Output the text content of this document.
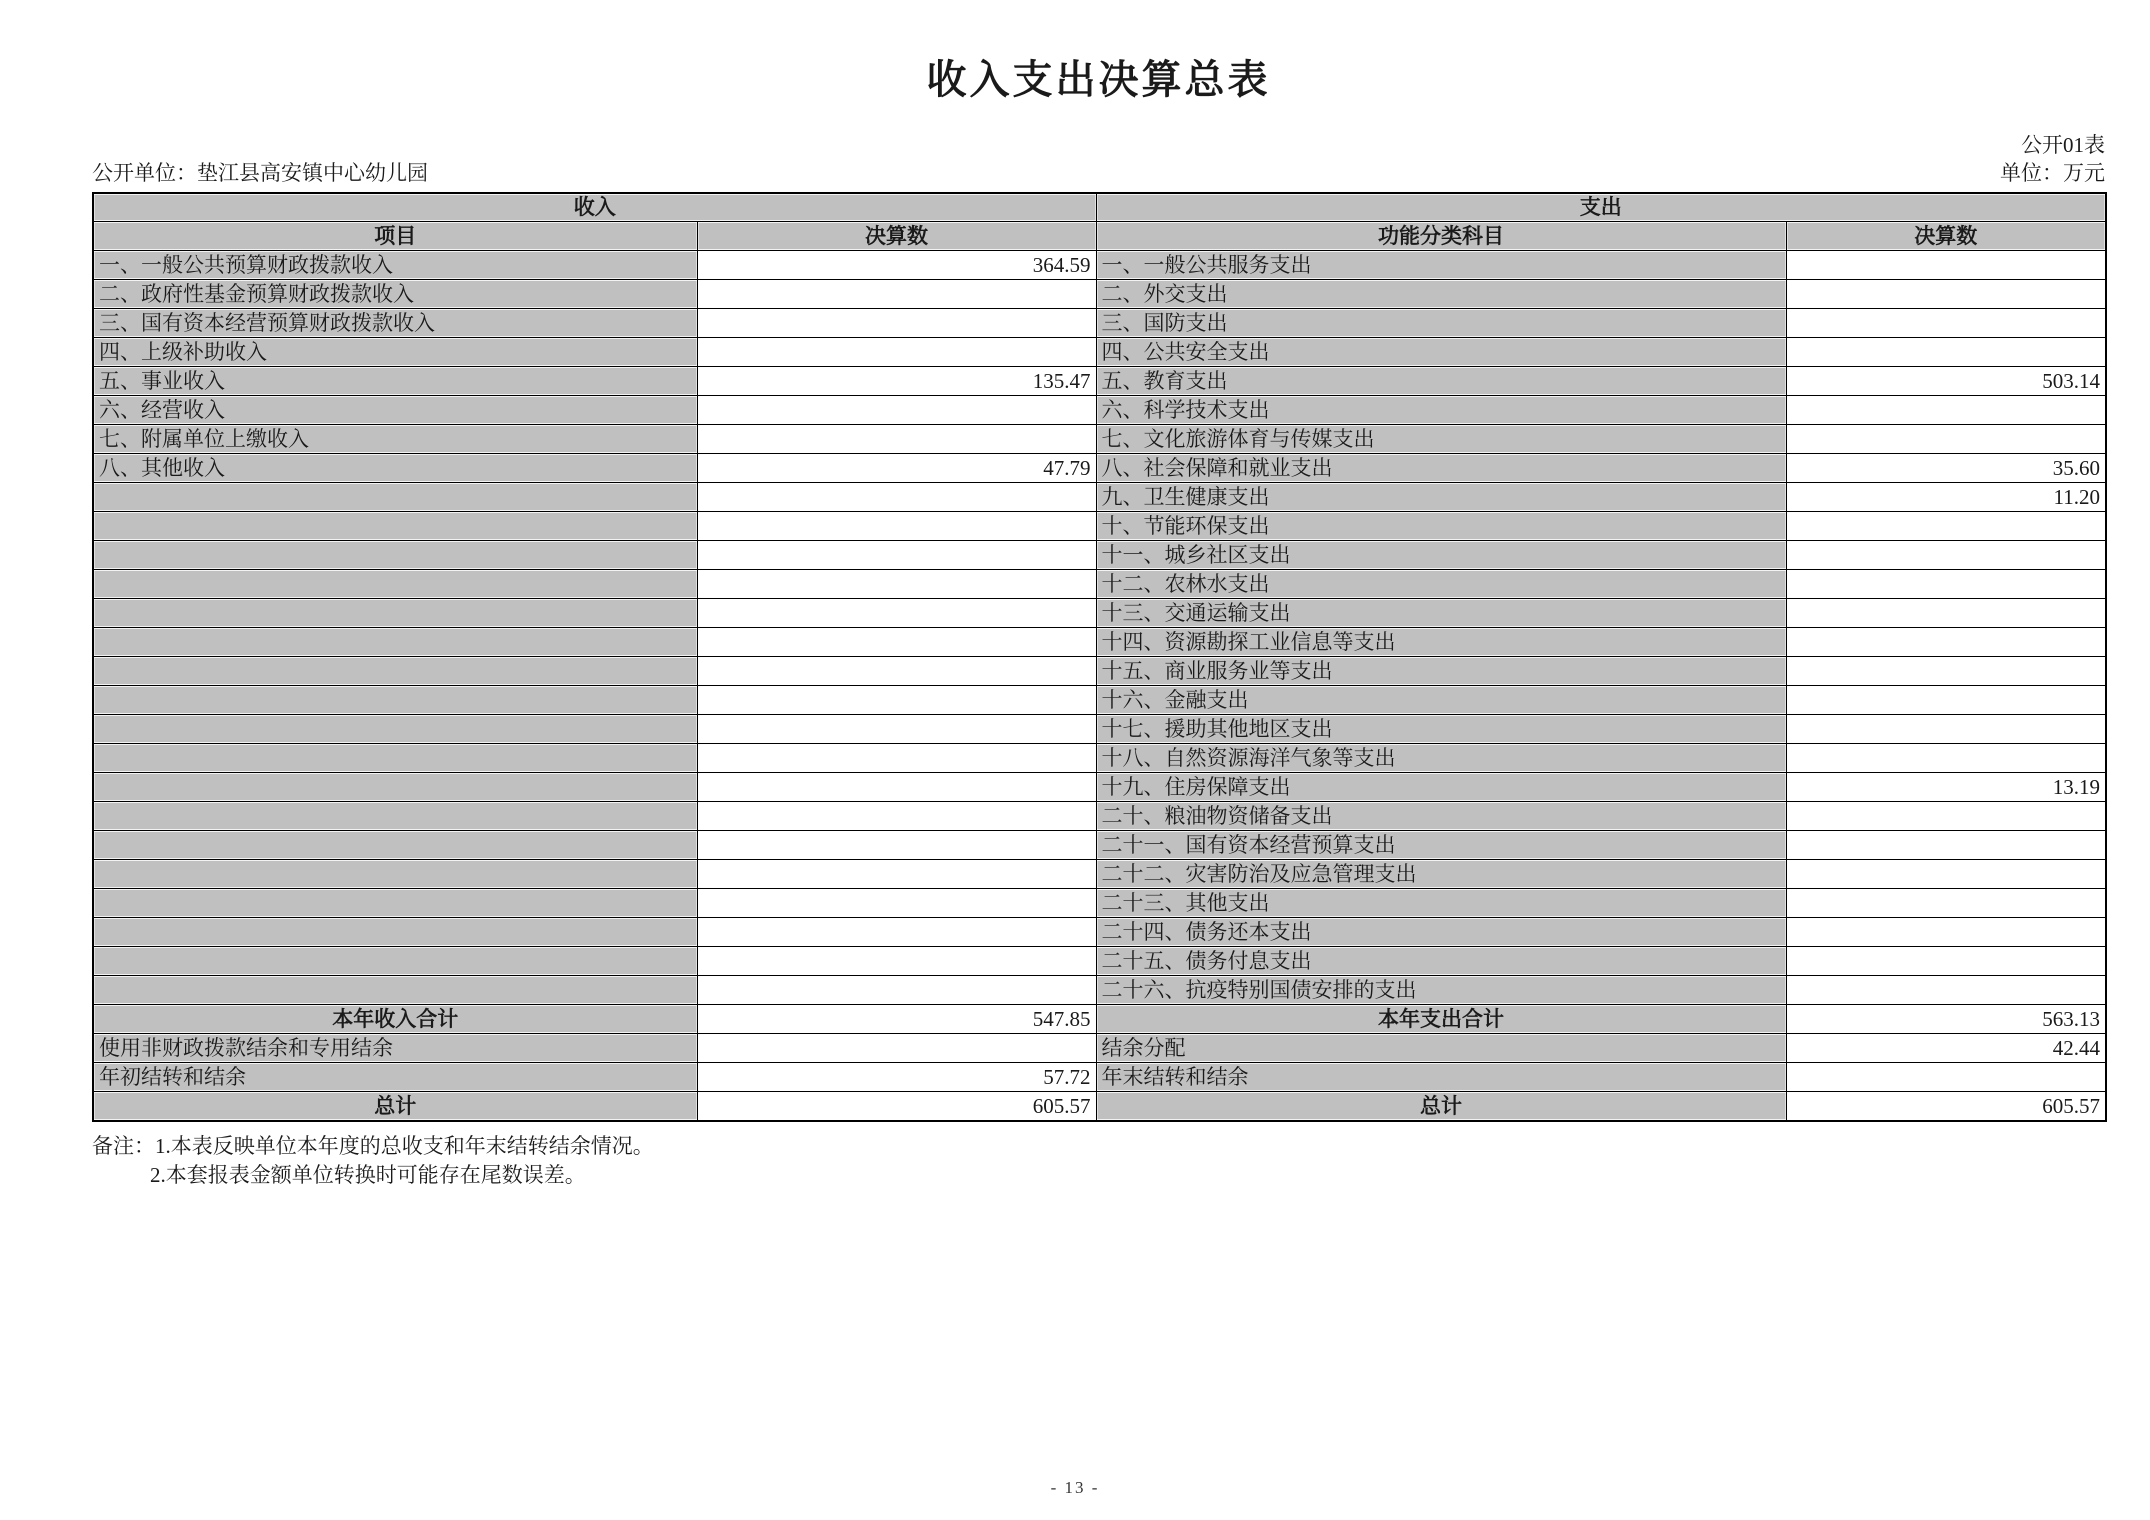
收入支出决算总表
公开01表
公开单位：垫江县高安镇中心幼儿园	单位：万元
收入		支出	
项目	决算数	功能分类科目	决算数
一、一般公共预算财政拨款收入	364.59	一、一般公共服务支出	
二、政府性基金预算财政拨款收入		二、外交支出	
三、国有资本经营预算财政拨款收入		三、国防支出	
四、上级补助收入		四、公共安全支出	
五、事业收入	135.47	五、教育支出	503.14
六、经营收入		六、科学技术支出	
七、附属单位上缴收入		七、文化旅游体育与传媒支出	
八、其他收入	47.79	八、社会保障和就业支出	35.60
		九、卫生健康支出	11.20
		十、节能环保支出	
		十一、城乡社区支出	
		十二、农林水支出	
		十三、交通运输支出	
		十四、资源勘探工业信息等支出	
		十五、商业服务业等支出	
		十六、金融支出	
		十七、援助其他地区支出	
		十八、自然资源海洋气象等支出	
		十九、住房保障支出	13.19
		二十、粮油物资储备支出	
		二十一、国有资本经营预算支出	
		二十二、灾害防治及应急管理支出	
		二十三、其他支出	
		二十四、债务还本支出	
		二十五、债务付息支出	
		二十六、抗疫特别国债安排的支出	
本年收入合计	547.85	本年支出合计	563.13
使用非财政拨款结余和专用结余		结余分配	42.44
年初结转和结余	57.72	年末结转和结余	
总计	605.57	总计	605.57
备注：1.本表反映单位本年度的总收支和年末结转结余情况。
2.本套报表金额单位转换时可能存在尾数误差。
- 13 -
